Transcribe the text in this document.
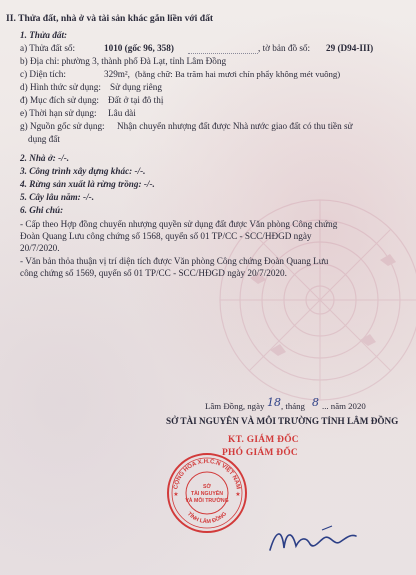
II. Thửa đất, nhà ở và tài sản khác gắn liền với đất
1. Thửa đất:
a) Thửa đất số:	1010 (gốc 96, 358)	, tờ bản đồ số: 29 (D94-III)
b) Địa chỉ: phường 3, thành phố Đà Lạt, tỉnh Lâm Đồng
c) Diện tích:	329m², (bằng chữ: Ba trăm hai mươi chín phẩy không mét vuông)
d) Hình thức sử dụng: Sử dụng riêng
đ) Mục đích sử dụng: Đất ở tại đô thị
e) Thời hạn sử dụng: Lâu dài
g) Nguồn gốc sử dụng: Nhận chuyển nhượng đất được Nhà nước giao đất có thu tiền sử
dụng đất
2. Nhà ở: -/-.
3. Công trình xây dựng khác: -/-.
4. Rừng sản xuất là rừng trồng: -/-.
5. Cây lâu năm: -/-.
6. Ghi chú:
- Cấp theo Hợp đồng chuyển nhượng quyền sử dụng đất được Văn phòng Công chứng
Đoàn Quang Lưu công chứng số 1568, quyển số 01 TP/CC - SCC/HĐGD ngày
20/7/2020.
- Văn bản thỏa thuận vị trí diện tích được Văn phòng Công chứng Đoàn Quang Lưu
công chứng số 1569, quyển số 01 TP/CC - SCC/HĐGD ngày 20/7/2020.
Lâm Đồng, ngày 18 , tháng 8 ... năm 2020
SỞ TÀI NGUYÊN VÀ MÔI TRƯỜNG TỈNH LÂM ĐỒNG
KT. GIÁM ĐỐC
PHÓ GIÁM ĐỐC
CỘNG HÒA X.H.C.N VIỆT NAM
TỈNH LÂM ĐỒNG
SỞ
TÀI NGUYÊN
VÀ MÔI TRƯỜNG
★	★
